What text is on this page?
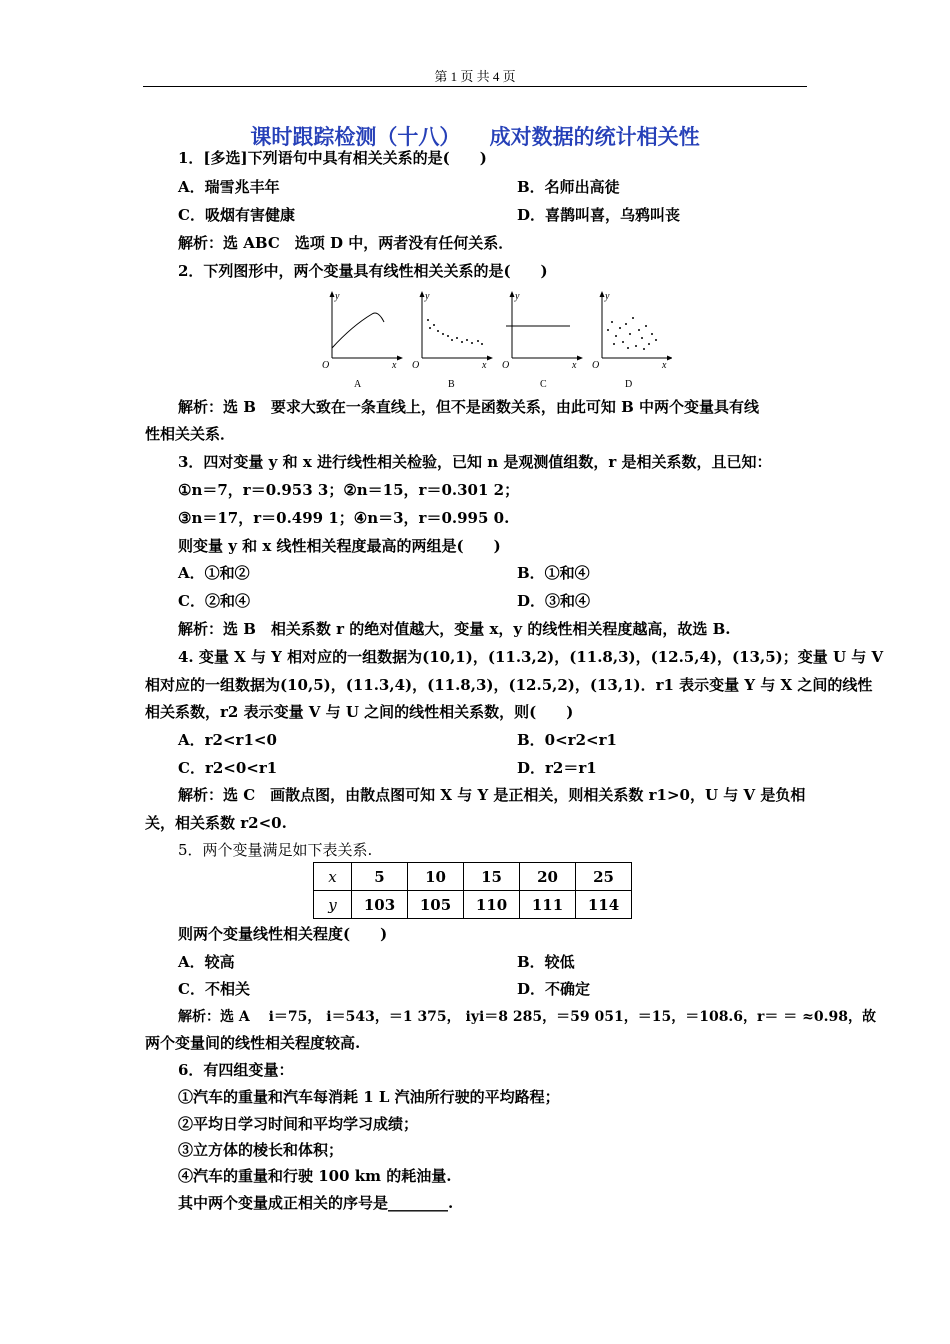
第 1 页 共 4 页
课时跟踪检测（十八）    成对数据的统计相关性
1．[多选]下列语句中具有相关关系的是(　　)
A．瑞雪兆丰年	B．名师出高徒
C．吸烟有害健康	D．喜鹊叫喜，乌鸦叫丧
解析：选 ABC　选项 D 中，两者没有任何关系．
2．下列图形中，两个变量具有线性相关关系的是(　　)
y	y	y	y
x	x	x	x
O	O	O	O
A	B	C	D
解析：选 B　要求大致在一条直线上，但不是函数关系，由此可知 B 中两个变量具有线
性相关关系．
3．四对变量 y 和 x 进行线性相关检验，已知 n 是观测值组数，r 是相关系数，且已知：
①n＝7，r＝0.953 3；②n＝15，r＝0.301 2；
③n＝17，r＝0.499 1；④n＝3，r＝0.995 0.
则变量 y 和 x 线性相关程度最高的两组是(　　)
A．①和②	B．①和④
C．②和④	D．③和④
解析：选 B　相关系数 r 的绝对值越大，变量 x，y 的线性相关程度越高，故选 B.
4. 变量 X 与 Y 相对应的一组数据为(10,1)，(11.3,2)，(11.8,3)，(12.5,4)，(13,5)；变量 U 与 V
相对应的一组数据为(10,5)，(11.3,4)，(11.8,3)，(12.5,2)，(13,1)．r1 表示变量 Y 与 X 之间的线性
相关系数，r2 表示变量 V 与 U 之间的线性相关系数，则(　　)
A．r2<r1<0	B．0<r2<r1
C．r2<0<r1	D．r2＝r1
解析：选 C　画散点图，由散点图可知 X 与 Y 是正相关，则相关系数 r1>0，U 与 V 是负相
关，相关系数 r2<0.
5．两个变量满足如下表关系.
x	5	10	15	20	25
y	103	105	110	111	114
则两个变量线性相关程度(　　)
A．较高	B．较低
C．不相关	D．不确定
解析：选 A　 i＝75， i＝543，＝1 375， iyi＝8 285，＝59 051，＝15，＝108.6，r＝ ＝ ≈0.98，故
两个变量间的线性相关程度较高.
6．有四组变量：
①汽车的重量和汽车每消耗 1 L 汽油所行驶的平均路程；
②平均日学习时间和平均学习成绩；
③立方体的棱长和体积；
④汽车的重量和行驶 100 km 的耗油量.
其中两个变量成正相关的序号是________.
